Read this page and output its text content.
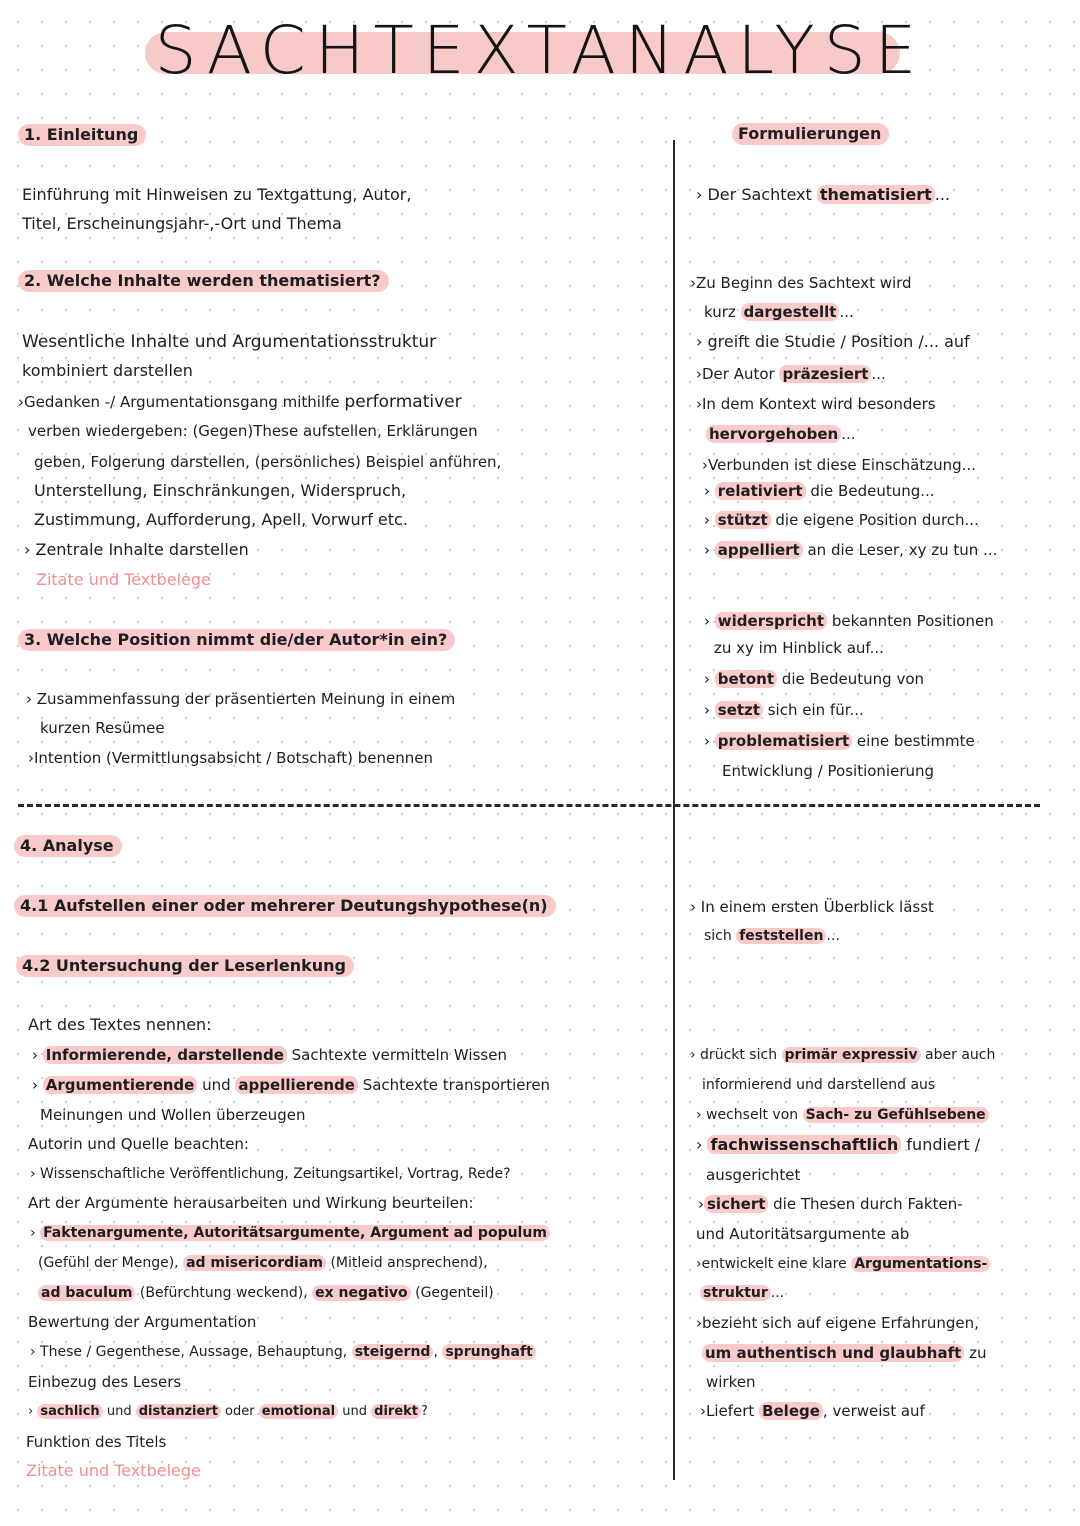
SACHTEXTANALYSE
1. Einleitung
Einführung mit Hinweisen zu Textgattung, Autor,
Titel, Erscheinungsjahr-,-Ort und Thema
2. Welche Inhalte werden thematisiert?
Wesentliche Inhalte und Argumentationsstruktur
kombiniert darstellen
›Gedanken -/ Argumentationsgang mithilfe performativer
verben wiedergeben: (Gegen)These aufstellen, Erklärungen
geben, Folgerung darstellen, (persönliches) Beispiel anführen,
Unterstellung, Einschränkungen, Widerspruch,
Zustimmung, Aufforderung, Apell, Vorwurf etc.
› Zentrale Inhalte darstellen
Zitate und Textbelege
3. Welche Position nimmt die/der Autor*in ein?
› Zusammenfassung der präsentierten Meinung in einem
kurzen Resümee
›Intention (Vermittlungsabsicht / Botschaft) benennen
4. Analyse
4.1 Aufstellen einer oder mehrerer Deutungshypothese(n)
4.2 Untersuchung der Leserlenkung
Art des Textes nennen:
› Informierende, darstellende Sachtexte vermitteln Wissen
› Argumentierende und appellierende Sachtexte transportieren
Meinungen und Wollen überzeugen
Autorin und Quelle beachten:
› Wissenschaftliche Veröffentlichung, Zeitungsartikel, Vortrag, Rede?
Art der Argumente herausarbeiten und Wirkung beurteilen:
› Faktenargumente, Autoritätsargumente, Argument ad populum
(Gefühl der Menge), ad misericordiam (Mitleid ansprechend),
ad baculum (Befürchtung weckend), ex negativo (Gegenteil)
Bewertung der Argumentation
› These / Gegenthese, Aussage, Behauptung, steigernd , sprunghaft
Einbezug des Lesers
› sachlich und distanziert oder emotional und direkt ?
Funktion des Titels
Zitate und Textbelege
Formulierungen
› Der Sachtext thematisiert ...
›Zu Beginn des Sachtext wird
kurz dargestellt ...
› greift die Studie / Position /... auf
›Der Autor präzesiert ...
›In dem Kontext wird besonders
hervorgehoben ...
›Verbunden ist diese Einschätzung...
› relativiert die Bedeutung...
› stützt die eigene Position durch...
› appelliert an die Leser, xy zu tun ...
› widerspricht bekannten Positionen
zu xy im Hinblick auf...
› betont die Bedeutung von
› setzt sich ein für...
› problematisiert eine bestimmte
Entwicklung / Positionierung
› In einem ersten Überblick lässt
sich feststellen ...
› drückt sich primär expressiv aber auch
informierend und darstellend aus
› wechselt von Sach- zu Gefühlsebene
› fachwissenschaftlich fundiert /
ausgerichtet
› sichert die Thesen durch Fakten-
und Autoritätsargumente ab
›entwickelt eine klare Argumentations-
struktur ...
›bezieht sich auf eigene Erfahrungen,
um authentisch und glaubhaft zu
wirken
›Liefert Belege , verweist auf
